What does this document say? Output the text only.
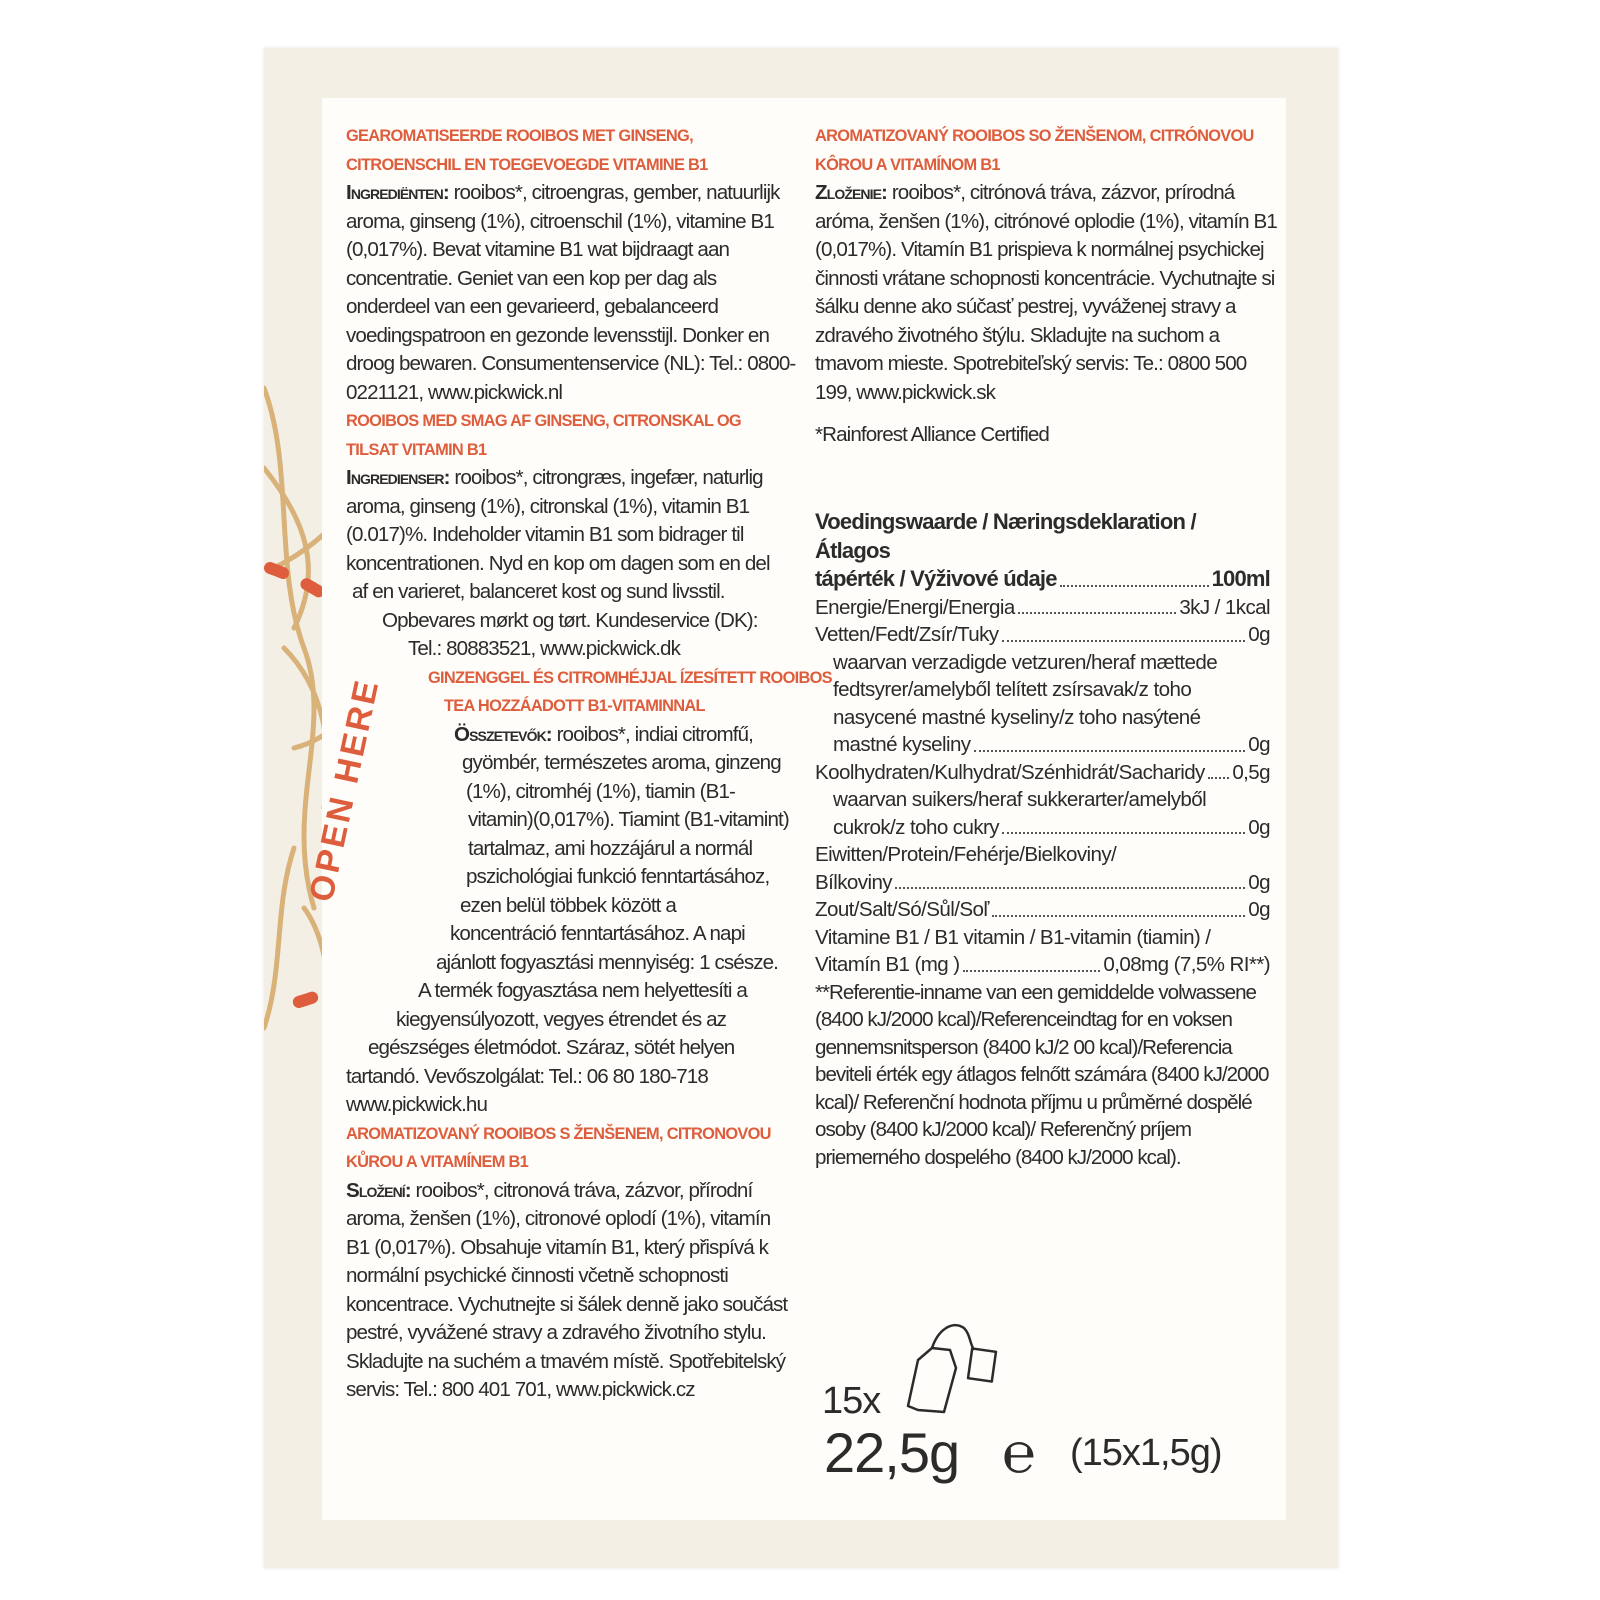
OPEN HERE
GEAROMATISEERDE ROOIBOS MET GINSENG, CITROENSCHIL EN TOEGEVOEGDE VITAMINE B1
Ingrediënten: rooibos*, citroengras, gember, natuurlijk aroma, ginseng (1%), citroenschil (1%), vitamine B1 (0,017%). Bevat vitamine B1 wat bijdraagt aan concentratie. Geniet van een kop per dag als onderdeel van een gevarieerd, gebalanceerd voedingspatroon en gezonde levensstijl. Donker en droog bewaren. Consumentenservice (NL): Tel.: 0800-0221121, www.pickwick.nl
ROOIBOS MED SMAG AF GINSENG, CITRONSKAL OG TILSAT VITAMIN B1
Ingredienser: rooibos*, citrongræs, ingefær, naturlig aroma, ginseng (1%), citronskal (1%), vitamin B1 (0.017)%. Indeholder vitamin B1 som bidrager til koncentrationen. Nyd en kop om dagen som en del
af en varieret, balanceret kost og sund livsstil.
Opbevares mørkt og tørt. Kundeservice (DK):
Tel.: 80883521, www.pickwick.dk
GINZENGGEL ÉS CITROMHÉJJAL ÍZESÍTETT ROOIBOS
TEA HOZZÁADOTT B1-VITAMINNAL
Összetevők: rooibos*, indiai citromfű,
gyömbér, természetes aroma, ginzeng
(1%), citromhéj (1%), tiamin (B1-
vitamin)(0,017%). Tiamint (B1-vitamint)
tartalmaz, ami hozzájárul a normál
pszichológiai funkció fenntartásához,
ezen belül többek között a
koncentráció fenntartásához. A napi
ajánlott fogyasztási mennyiség: 1 csésze.
A termék fogyasztása nem helyettesíti a
kiegyensúlyozott, vegyes étrendet és az
egészséges életmódot. Száraz, sötét helyen
tartandó. Vevőszolgálat: Tel.: 06 80 180-718
www.pickwick.hu
AROMATIZOVANÝ ROOIBOS S ŽENŠENEM, CITRONOVOU KŮROU A VITAMÍNEM B1
Složení: rooibos*, citronová tráva, zázvor, přírodní aroma, ženšen (1%), citronové oplodí (1%), vitamín B1 (0,017%). Obsahuje vitamín B1, který přispívá k normální psychické činnosti včetně schopnosti koncentrace. Vychutnejte si šálek denně jako součást pestré, vyvážené stravy a zdravého životního stylu. Skladujte na suchém a tmavém místě. Spotřebitelský servis: Tel.: 800 401 701, www.pickwick.cz
AROMATIZOVANÝ ROOIBOS SO ŽENŠENOM, CITRÓNOVOU KÔROU A VITAMÍNOM B1
Zloženie: rooibos*, citrónová tráva, zázvor, prírodná aróma, ženšen (1%), citrónové oplodie (1%), vitamín B1 (0,017%). Vitamín B1 prispieva k normálnej psychickej činnosti vrátane schopnosti koncentrácie. Vychutnajte si šálku denne ako súčasť pestrej, vyváženej stravy a zdravého životného štýlu. Skladujte na suchom a tmavom mieste. Spotrebiteľský servis: Te.: 0800 500 199, www.pickwick.sk
*Rainforest Alliance Certified
Voedingswaarde / Næringsdeklaration / Átlagos
tápérték / Výživové údaje	100ml
Energie/Energi/Energia	3kJ / 1kcal
Vetten/Fedt/Zsír/Tuky	0g
waarvan verzadigde vetzuren/heraf mættede fedtsyrer/amelyből telített zsírsavak/z toho nasycené mastné kyseliny/z toho nasýtené
mastné kyseliny	0g
Koolhydraten/Kulhydrat/Szénhidrát/Sacharidy 0,5g
waarvan suikers/heraf sukkerarter/amelyből
cukrok/z toho cukry	0g
Eiwitten/Protein/Fehérje/Bielkoviny/
Bílkoviny	0g
Zout/Salt/Só/Sůl/Soľ	0g
Vitamine B1 / B1 vitamin / B1-vitamin (tiamin) /
Vitamín B1 (mg )	0,08mg (7,5% RI**)
**Referentie-inname van een gemiddelde volwassene (8400 kJ/2000 kcal)/Referenceindtag for en voksen gennemsnitsperson (8400 kJ/2 00 kcal)/Referencia beviteli érték egy átlagos felnőtt számára (8400 kJ/2000 kcal)/ Referenční hodnota příjmu u průměrné dospělé osoby (8400 kJ/2000 kcal)/ Referenčný príjem priemerného dospelého (8400 kJ/2000 kcal).
15x
22,5g ℮ (15x1,5g)
